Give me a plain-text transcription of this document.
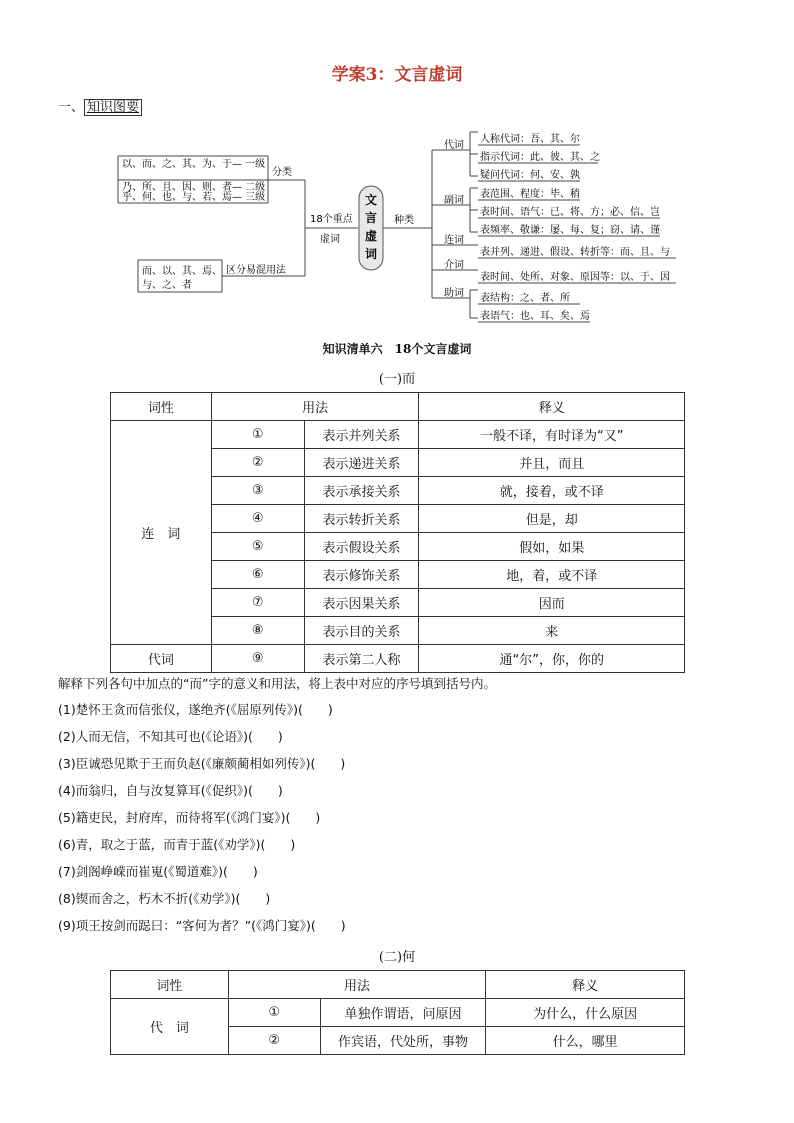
学案3：文言虚词
一、 知识图要
以、而、之、其、为、于— 一级
乃、所、且、因、则、者— 二级
乎、何、也、与、若、焉— 三级
分类
而、以、其、焉、
与、之、者
区分易混用法
18个重点
虚词
文
言
虚
词
种类
代词
副词
连词
介词
助词
人称代词：吾、其、尔
指示代词：此、彼、其、之
疑问代词：何、安、孰
表范围、程度：毕、稍
表时间、语气：已、将、方；必、信、岂
表频率、敬谦：屡、每、复；窃、请、谨
表并列、递进、假设、转折等：而、且、与
表时间、处所、对象、原因等：以、于、因
表结构：之、者、所
表语气：也、耳、矣、焉
知识清单六　18个文言虚词
(一)而
词性	用法		释义
连　词	①	表示并列关系	一般不译，有时译为“又”
	②	表示递进关系	并且，而且
	③	表示承接关系	就，接着，或不译
	④	表示转折关系	但是，却
	⑤	表示假设关系	假如，如果
	⑥	表示修饰关系	地，着，或不译
	⑦	表示因果关系	因而
	⑧	表示目的关系	来
代词	⑨	表示第二人称	通“尔”，你，你的
解释下列各句中加点的“而”字的意义和用法，将上表中对应的序号填到括号内。
(1)楚怀王贪而信张仪，遂绝齐(《屈原列传》)(　　)
(2)人而无信，不知其可也(《论语》)(　　)
(3)臣诚恐见欺于王而负赵(《廉颇蔺相如列传》)(　　)
(4)而翁归，自与汝复算耳(《促织》)(　　)
(5)籍吏民，封府库，而待将军(《鸿门宴》)(　　)
(6)青，取之于蓝，而青于蓝(《劝学》)(　　)
(7)剑阁峥嵘而崔嵬(《蜀道难》)(　　)
(8)锲而舍之，朽木不折(《劝学》)(　　)
(9)项王按剑而跽曰：“客何为者？”(《鸿门宴》)(　　)
(二)何
词性	用法		释义
代　词	①	单独作谓语，问原因	为什么，什么原因
	②	作宾语，代处所，事物	什么，哪里
